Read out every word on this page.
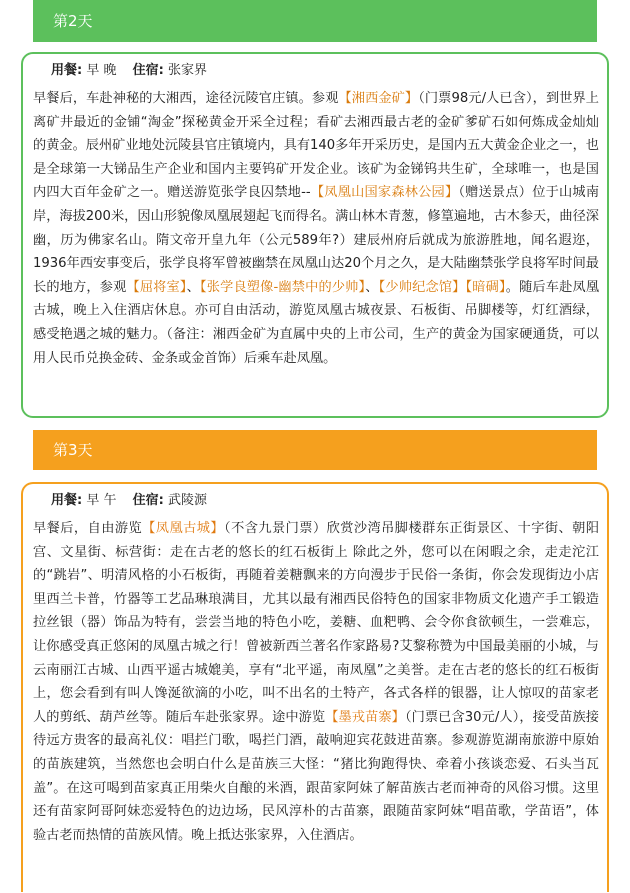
第2天
用餐: 早 晚 住宿: 张家界
早餐后，车赴神秘的大湘西，途径沅陵官庄镇。参观【湘西金矿】（门票98元/人已含），到世界上离矿井最近的金铺“淘金”探秘黄金开采全过程；看矿去湘西最古老的金矿爹矿石如何炼成金灿灿的黄金。辰州矿业地处沅陵县官庄镇境内，具有140多年开采历史，是国内五大黄金企业之一，也是全球第一大锑品生产企业和国内主要钨矿开发企业。该矿为金锑钨共生矿，全球唯一，也是国内四大百年金矿之一。赠送游览张学良囚禁地--【凤凰山国家森林公园】（赠送景点）位于山城南岸，海拔200米，因山形貌像凤凰展翅起飞而得名。满山林木青葱，修篁遍地，古木参天，曲径深幽，历为佛家名山。隋文帝开皇九年（公元589年?）建辰州府后就成为旅游胜地，闻名遐迩，1936年西安事变后，张学良将军曾被幽禁在凤凰山达20个月之久，是大陆幽禁张学良将军时间最长的地方，参观【屈将室】、【张学良塑像-幽禁中的少帅】、【少帅纪念馆】【暗碉】。随后车赴凤凰古城，晚上入住酒店休息。亦可自由活动，游览凤凰古城夜景、石板街、吊脚楼等，灯红酒绿，感受艳遇之城的魅力。（备注：湘西金矿为直属中央的上市公司，生产的黄金为国家硬通货，可以用人民币兑换金砖、金条或金首饰）后乘车赴凤凰。
第3天
用餐: 早 午 住宿: 武陵源
早餐后，自由游览【凤凰古城】（不含九景门票）欣赏沙湾吊脚楼群东正街景区、十字街、朝阳宫、文星街、标营街：走在古老的悠长的红石板街上 除此之外，您可以在闲暇之余，走走沱江的“跳岩”、明清风格的小石板街，再随着姜糖飘来的方向漫步于民俗一条街，你会发现街边小店里西兰卡普，竹器等工艺品琳琅满目，尤其以最有湘西民俗特色的国家非物质文化遗产手工锻造拉丝银（器）饰品为特有，尝尝当地的特色小吃，姜糖、血粑鸭、会令你食欲顿生，一尝难忘，让你感受真正悠闲的凤凰古城之行！曾被新西兰著名作家路易?艾黎称赞为中国最美丽的小城，与云南丽江古城、山西平遥古城媲美，享有“北平遥，南凤凰”之美誉。走在古老的悠长的红石板街上，您会看到有叫人馋涎欲滴的小吃，叫不出名的土特产，各式各样的银器，让人惊叹的苗家老人的剪纸、葫芦丝等。随后车赴张家界。途中游览【墨戎苗寨】（门票已含30元/人），接受苗族接待远方贵客的最高礼仪：唱拦门歌，喝拦门酒，敲响迎宾花鼓进苗寨。参观游览湖南旅游中原始的苗族建筑，当然您也会明白什么是苗族三大怪：“猪比狗跑得快、牵着小孩谈恋爱、石头当瓦盖”。在这可喝到苗家真正用柴火自酿的米酒，跟苗家阿妹了解苗族古老而神奇的风俗习惯。这里还有苗家阿哥阿妹恋爱特色的边边场，民风淳朴的古苗寨，跟随苗家阿妹“唱苗歌，学苗语”，体验古老而热情的苗族风情。晚上抵达张家界，入住酒店。
